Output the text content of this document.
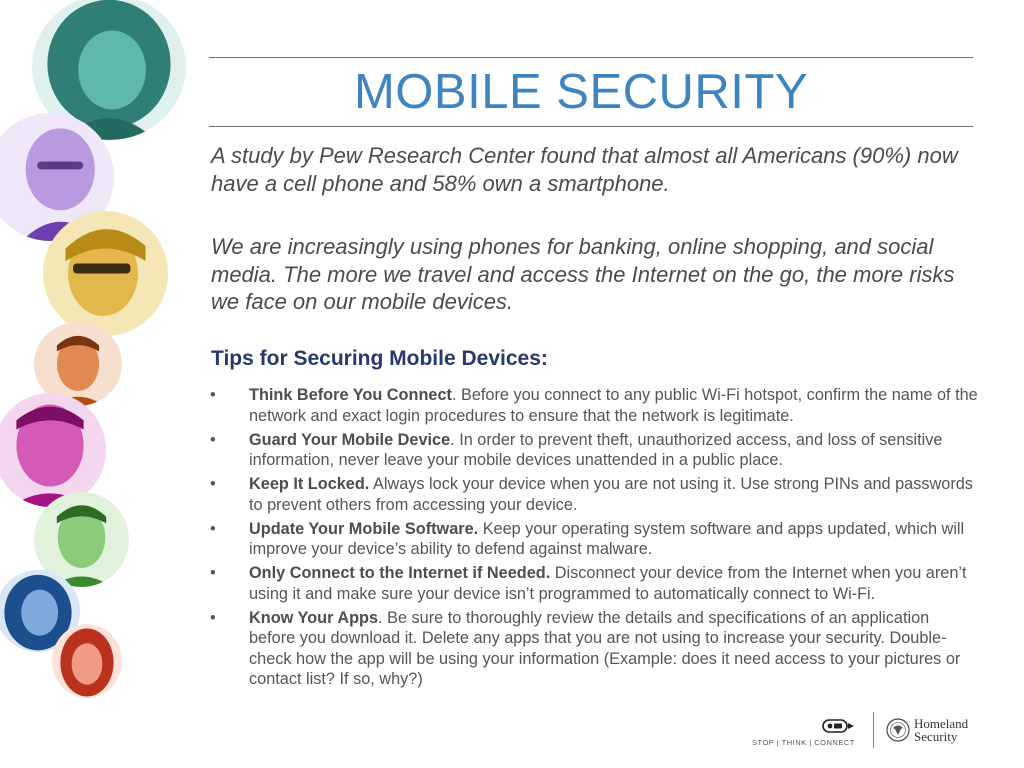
MOBILE SECURITY
A study by Pew Research Center found that almost all Americans (90%) now have a cell phone and 58% own a smartphone.
We are increasingly using phones for banking, online shopping, and social media. The more we travel and access the Internet on the go, the more risks we face on our mobile devices.
Tips for Securing Mobile Devices:
• Think Before You Connect. Before you connect to any public Wi-Fi hotspot, confirm the name of the network and exact login procedures to ensure that the network is legitimate.
• Guard Your Mobile Device. In order to prevent theft, unauthorized access, and loss of sensitive information, never leave your mobile devices unattended in a public place.
• Keep It Locked. Always lock your device when you are not using it. Use strong PINs and passwords to prevent others from accessing your device.
• Update Your Mobile Software. Keep your operating system software and apps updated, which will improve your device’s ability to defend against malware.
• Only Connect to the Internet if Needed. Disconnect your device from the Internet when you aren’t using it and make sure your device isn’t programmed to automatically connect to Wi-Fi.
• Know Your Apps. Be sure to thoroughly review the details and specifications of an application before you download it. Delete any apps that you are not using to increase your security. Double-check how the app will be using your information (Example: does it need access to your pictures or contact list? If so, why?)
STOP | THINK | CONNECT
Homeland
Security
